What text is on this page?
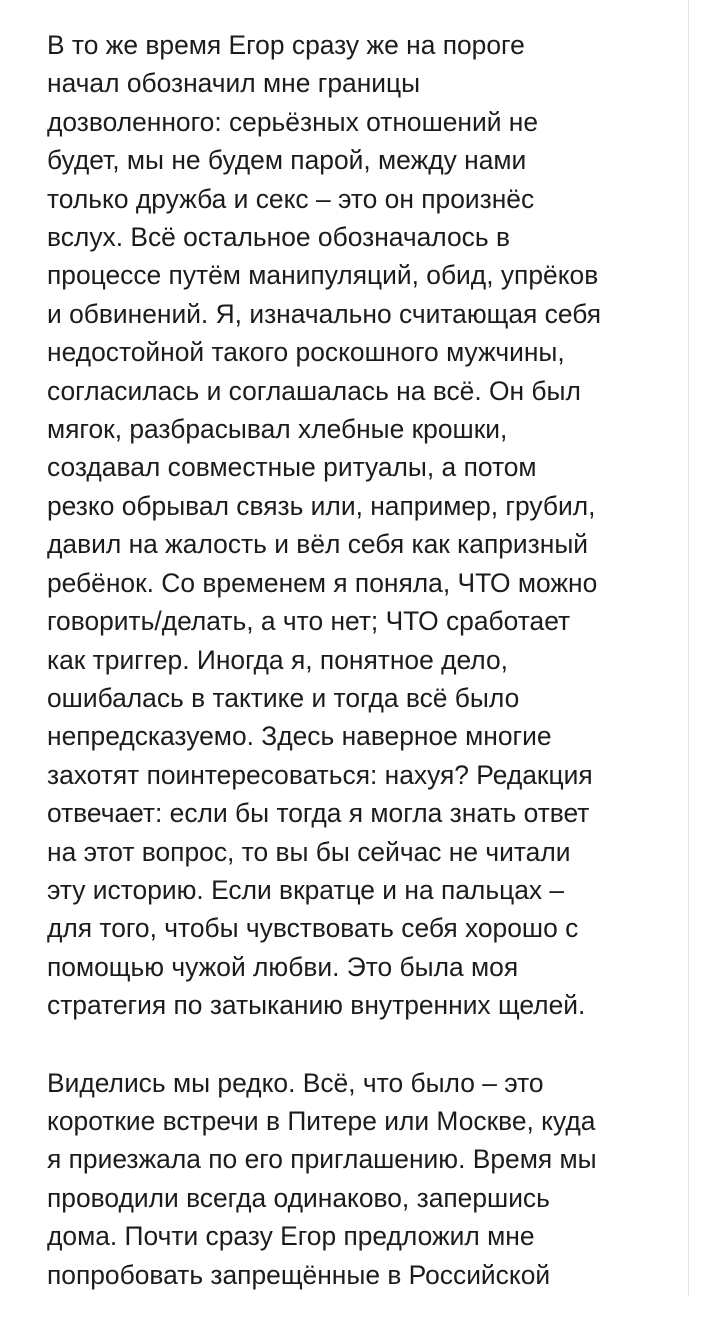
В то же время Егор сразу же на пороге
начал обозначил мне границы
дозволенного: серьёзных отношений не
будет, мы не будем парой, между нами
только дружба и секс – это он произнёс
вслух. Всё остальное обозначалось в
процессе путём манипуляций, обид, упрёков
и обвинений. Я, изначально считающая себя
недостойной такого роскошного мужчины,
согласилась и соглашалась на всё. Он был
мягок, разбрасывал хлебные крошки,
создавал совместные ритуалы, а потом
резко обрывал связь или, например, грубил,
давил на жалость и вёл себя как капризный
ребёнок. Со временем я поняла, ЧТО можно
говорить/делать, а что нет; ЧТО сработает
как триггер. Иногда я, понятное дело,
ошибалась в тактике и тогда всё было
непредсказуемо. Здесь наверное многие
захотят поинтересоваться: нахуя? Редакция
отвечает: если бы тогда я могла знать ответ
на этот вопрос, то вы бы сейчас не читали
эту историю. Если вкратце и на пальцах –
для того, чтобы чувствовать себя хорошо с
помощью чужой любви. Это была моя
стратегия по затыканию внутренних щелей.

Виделись мы редко. Всё, что было – это
короткие встречи в Питере или Москве, куда
я приезжала по его приглашению. Время мы
проводили всегда одинаково, запершись
дома. Почти сразу Егор предложил мне
попробовать запрещённые в Российской
